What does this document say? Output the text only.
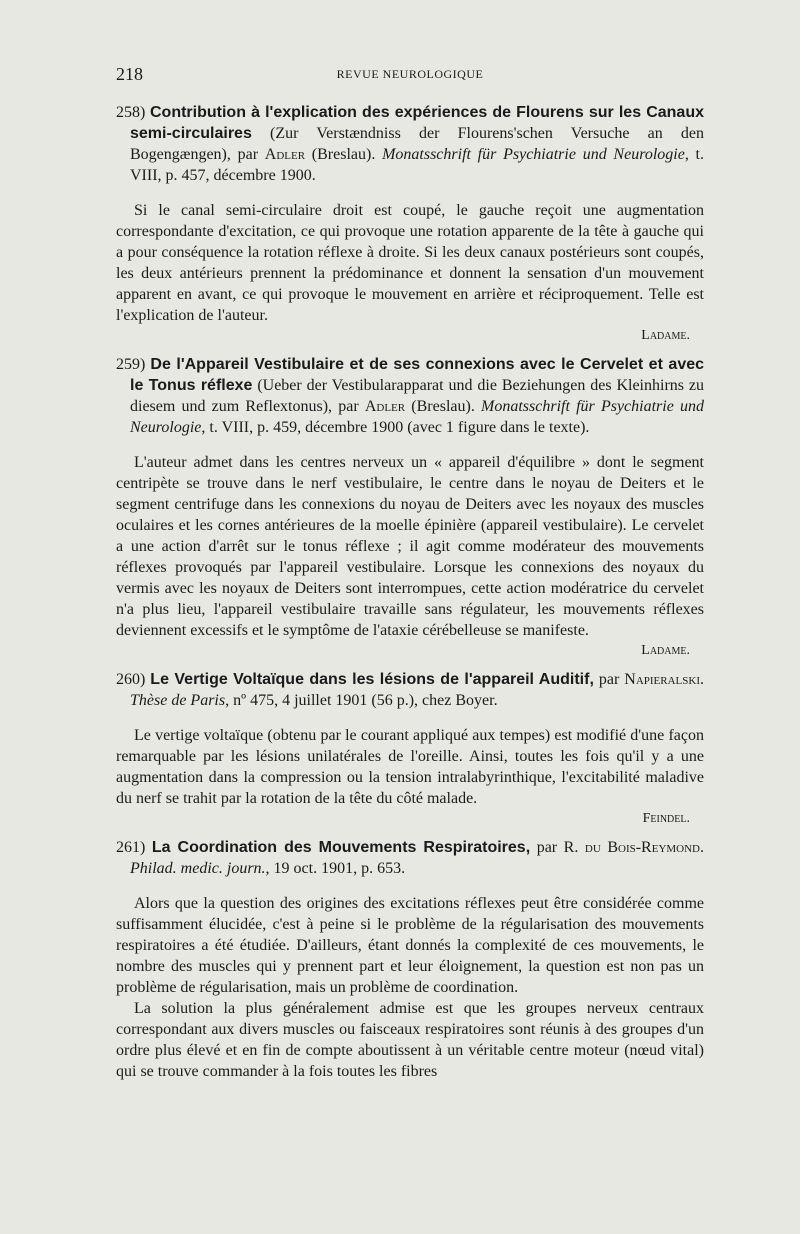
218	REVUE NEUROLOGIQUE

258) Contribution à l'explication des expériences de Flourens sur les Canaux semi-circulaires (Zur Verstændniss der Flourens'schen Versuche an den Bogengængen), par Adler (Breslau). Monatsschrift für Psychiatrie und Neurologie, t. VIII, p. 457, décembre 1900.

Si le canal semi-circulaire droit est coupé, le gauche reçoit une augmentation correspondante d'excitation, ce qui provoque une rotation apparente de la tête à gauche qui a pour conséquence la rotation réflexe à droite. Si les deux canaux postérieurs sont coupés, les deux antérieurs prennent la prédominance et donnent la sensation d'un mouvement apparent en avant, ce qui provoque le mouvement en arrière et réciproquement. Telle est l'explication de l'auteur.

Ladame.

259) De l'Appareil Vestibulaire et de ses connexions avec le Cervelet et avec le Tonus réflexe (Ueber der Vestibularapparat und die Beziehungen des Kleinhirns zu diesem und zum Reflextonus), par Adler (Breslau). Monatsschrift für Psychiatrie und Neurologie, t. VIII, p. 459, décembre 1900 (avec 1 figure dans le texte).

L'auteur admet dans les centres nerveux un « appareil d'équilibre » dont le segment centripète se trouve dans le nerf vestibulaire, le centre dans le noyau de Deiters et le segment centrifuge dans les connexions du noyau de Deiters avec les noyaux des muscles oculaires et les cornes antérieures de la moelle épinière (appareil vestibulaire). Le cervelet a une action d'arrêt sur le tonus réflexe ; il agit comme modérateur des mouvements réflexes provoqués par l'appareil vestibulaire. Lorsque les connexions des noyaux du vermis avec les noyaux de Deiters sont interrompues, cette action modératrice du cervelet n'a plus lieu, l'appareil vestibulaire travaille sans régulateur, les mouvements réflexes deviennent excessifs et le symptôme de l'ataxie cérébelleuse se manifeste.

Ladame.

260) Le Vertige Voltaïque dans les lésions de l'appareil Auditif, par Napieralski. Thèse de Paris, nº 475, 4 juillet 1901 (56 p.), chez Boyer.

Le vertige voltaïque (obtenu par le courant appliqué aux tempes) est modifié d'une façon remarquable par les lésions unilatérales de l'oreille. Ainsi, toutes les fois qu'il y a une augmentation dans la compression ou la tension intralabyrinthique, l'excitabilité maladive du nerf se trahit par la rotation de la tête du côté malade.

Feindel.

261) La Coordination des Mouvements Respiratoires, par R. du Bois-Reymond. Philad. medic. journ., 19 oct. 1901, p. 653.

Alors que la question des origines des excitations réflexes peut être considérée comme suffisamment élucidée, c'est à peine si le problème de la régularisation des mouvements respiratoires a été étudiée. D'ailleurs, étant donnés la complexité de ces mouvements, le nombre des muscles qui y prennent part et leur éloignement, la question est non pas un problème de régularisation, mais un problème de coordination.

La solution la plus généralement admise est que les groupes nerveux centraux correspondant aux divers muscles ou faisceaux respiratoires sont réunis à des groupes d'un ordre plus élevé et en fin de compte aboutissent à un véritable centre moteur (nœud vital) qui se trouve commander à la fois toutes les fibres
